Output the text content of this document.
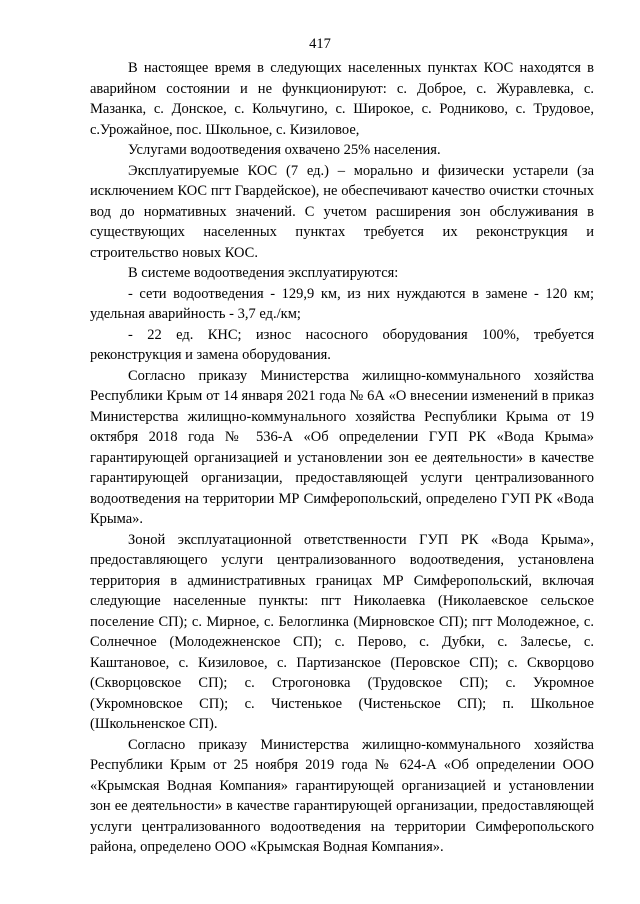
417

В настоящее время в следующих населенных пунктах КОС находятся в аварийном состоянии и не функционируют: с. Доброе, с. Журавлевка, с. Мазанка, с. Донское, с. Кольчугино, с. Широкое, с. Родниково, с. Трудовое, с.Урожайное, пос. Школьное, с. Кизиловое,

Услугами водоотведения охвачено 25% населения.

Эксплуатируемые КОС (7 ед.) – морально и физически устарели (за исключением КОС пгт Гвардейское), не обеспечивают качество очистки сточных вод до нормативных значений. С учетом расширения зон обслуживания в существующих населенных пунктах требуется их реконструкция и строительство новых КОС.

В системе водоотведения эксплуатируются:

- сети водоотведения - 129,9 км, из них нуждаются в замене - 120 км; удельная аварийность - 3,7 ед./км;

- 22 ед. КНС; износ насосного оборудования 100%, требуется реконструкция и замена оборудования.

Согласно приказу Министерства жилищно-коммунального хозяйства Республики Крым от 14 января 2021 года № 6А «О внесении изменений в приказ Министерства жилищно-коммунального хозяйства Республики Крыма от 19 октября 2018 года № 536-А «Об определении ГУП РК «Вода Крыма» гарантирующей организацией и установлении зон ее деятельности» в качестве гарантирующей организации, предоставляющей услуги централизованного водоотведения на территории МР Симферопольский, определено ГУП РК «Вода Крыма».

Зоной эксплуатационной ответственности ГУП РК «Вода Крыма», предоставляющего услуги централизованного водоотведения, установлена территория в административных границах МР Симферопольский, включая следующие населенные пункты: пгт Николаевка (Николаевское сельское поселение СП); с. Мирное, с. Белоглинка (Мирновское СП); пгт Молодежное, с. Солнечное (Молодежненское СП); с. Перово, с. Дубки, с. Залесье, с. Каштановое, с. Кизиловое, с. Партизанское (Перовское СП); с. Скворцово (Скворцовское СП); с. Строгоновка (Трудовское СП); с. Укромное (Укромновское СП); с. Чистенькое (Чистеньское СП); п. Школьное (Школьненское СП).

Согласно приказу Министерства жилищно-коммунального хозяйства Республики Крым от 25 ноября 2019 года № 624-А «Об определении ООО «Крымская Водная Компания» гарантирующей организацией и установлении зон ее деятельности» в качестве гарантирующей организации, предоставляющей услуги централизованного водоотведения на территории Симферопольского района, определено ООО «Крымская Водная Компания».
